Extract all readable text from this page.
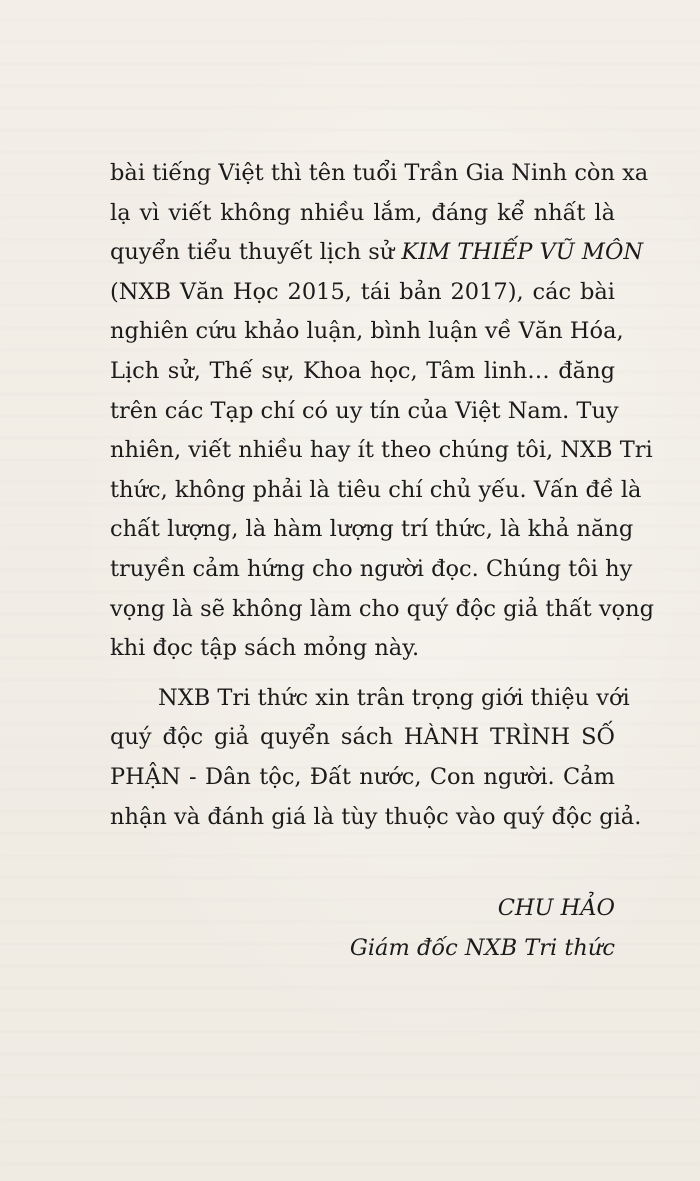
bài tiếng Việt thì tên tuổi Trần Gia Ninh còn xa
lạ vì viết không nhiều lắm, đáng kể nhất là
quyển tiểu thuyết lịch sử KIM THIẾP VŨ MÔN
(NXB Văn Học 2015, tái bản 2017), các bài
nghiên cứu khảo luận, bình luận về Văn Hóa,
Lịch sử, Thế sự, Khoa học, Tâm linh… đăng
trên các Tạp chí có uy tín của Việt Nam. Tuy
nhiên, viết nhiều hay ít theo chúng tôi, NXB Tri
thức, không phải là tiêu chí chủ yếu. Vấn đề là
chất lượng, là hàm lượng trí thức, là khả năng
truyền cảm hứng cho người đọc. Chúng tôi hy
vọng là sẽ không làm cho quý độc giả thất vọng
khi đọc tập sách mỏng này.
NXB Tri thức xin trân trọng giới thiệu với
quý độc giả quyển sách HÀNH TRÌNH SỐ
PHẬN - Dân tộc, Đất nước, Con người. Cảm
nhận và đánh giá là tùy thuộc vào quý độc giả.
CHU HẢO
Giám đốc NXB Tri thức
